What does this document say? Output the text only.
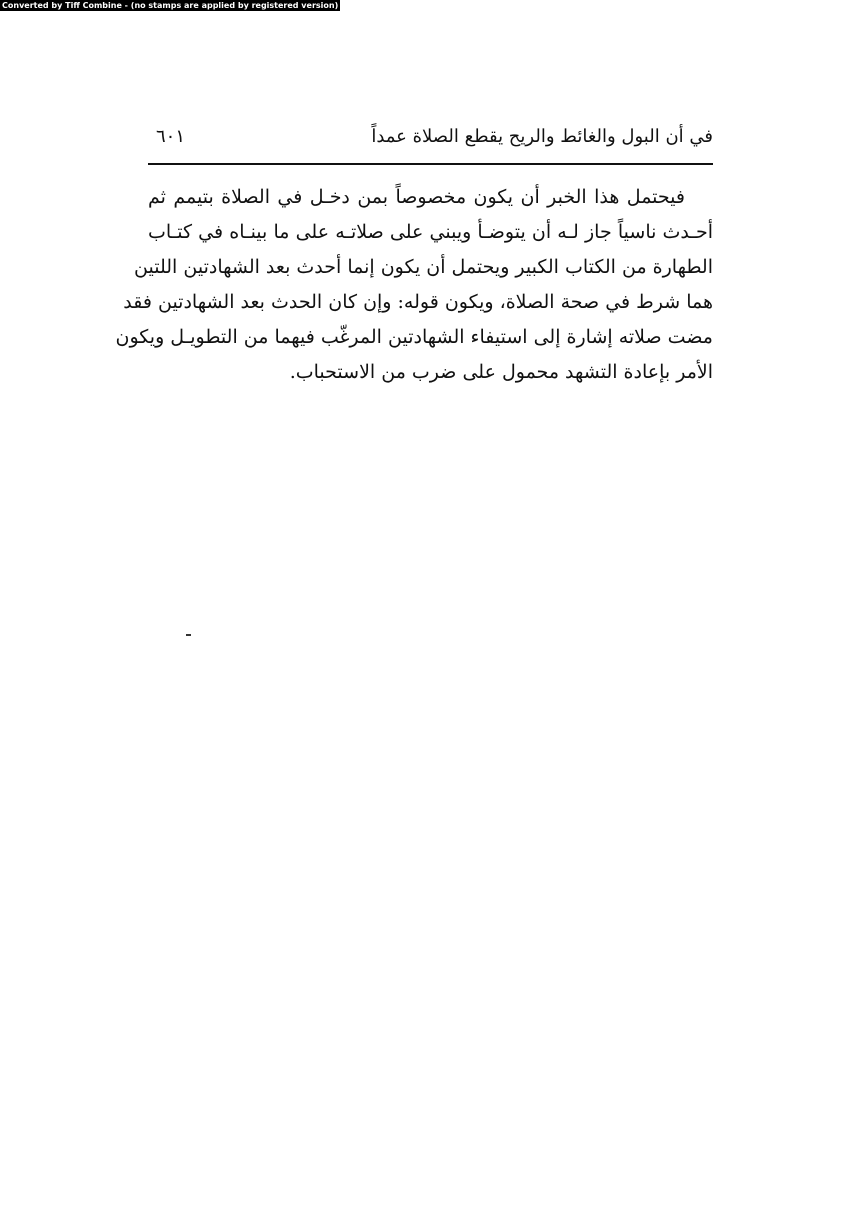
Converted by Tiff Combine - (no stamps are applied by registered version)
في أن البول والغائط والريح يقطع الصلاة عمداً
٦٠١
فيحتمل هذا الخبر أن يكون مخصوصاً بمن دخـل في الصلاة بتيمم ثم
أحـدث ناسياً جاز لـه أن يتوضـأ ويبني على صلاتـه على ما بينـاه في كتـاب
الطهارة من الكتاب الكبير ويحتمل أن يكون إنما أحدث بعد الشهادتين اللتين
هما شرط في صحة الصلاة، ويكون قوله: وإن كان الحدث بعد الشهادتين فقد
مضت صلاته إشارة إلى استيفاء الشهادتين المرغّب فيهما من التطويـل ويكون
الأمر بإعادة التشهد محمول على ضرب من الاستحباب.
